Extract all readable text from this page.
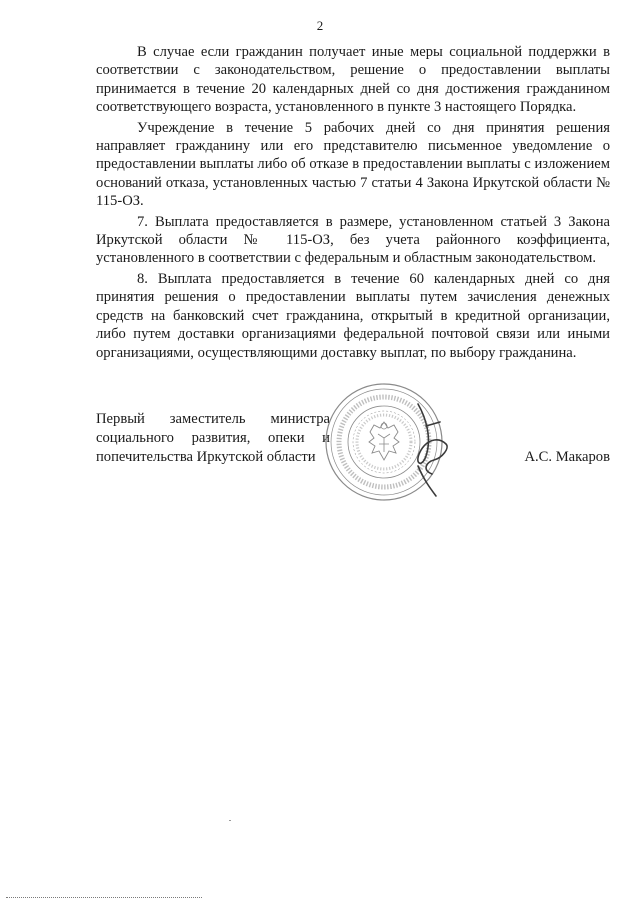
2

В случае если гражданин получает иные меры социальной поддержки в соответствии с законодательством, решение о предоставлении выплаты принимается в течение 20 календарных дней со дня достижения гражданином соответствующего возраста, установленного в пункте 3 настоящего Порядка.

Учреждение в течение 5 рабочих дней со дня принятия решения направляет гражданину или его представителю письменное уведомление о предоставлении выплаты либо об отказе в предоставлении выплаты с изложением оснований отказа, установленных частью 7 статьи 4 Закона Иркутской области № 115-ОЗ.

7. Выплата предоставляется в размере, установленном статьей 3 Закона Иркутской области № 115-ОЗ, без учета районного коэффициента, установленного в соответствии с федеральным и областным законодательством.

8. Выплата предоставляется в течение 60 календарных дней со дня принятия решения о предоставлении выплаты путем зачисления денежных средств на банковский счет гражданина, открытый в кредитной организации, либо путем доставки организациями федеральной почтовой связи или иными организациями, осуществляющими доставку выплат, по выбору гражданина.

Первый заместитель министра
социального развития, опеки и
попечительства Иркутской области	А.С. Макаров
